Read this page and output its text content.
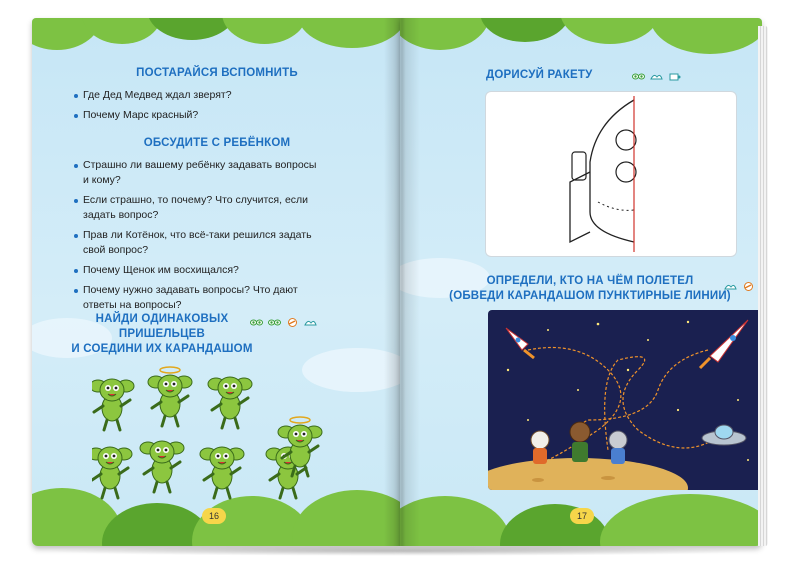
ПОСТАРАЙСЯ ВСПОМНИТЬ
Где Дед Медвед ждал зверят?
Почему Марс красный?
ОБСУДИТЕ С РЕБЁНКОМ
Страшно ли вашему ребёнку задавать вопросы и кому?
Если страшно, то почему? Что случится, если задать вопрос?
Прав ли Котёнок, что всё-таки решился задать свой вопрос?
Почему Щенок им восхищался?
Почему нужно задавать вопросы? Что дают ответы на вопросы?
НАЙДИ ОДИНАКОВЫХ ПРИШЕЛЬЦЕВ
И СОЕДИНИ ИХ КАРАНДАШОМ
16
ДОРИСУЙ РАКЕТУ
ОПРЕДЕЛИ, КТО НА ЧЁМ ПОЛЕТЕЛ
(ОБВЕДИ КАРАНДАШОМ ПУНКТИРНЫЕ ЛИНИИ)
17
